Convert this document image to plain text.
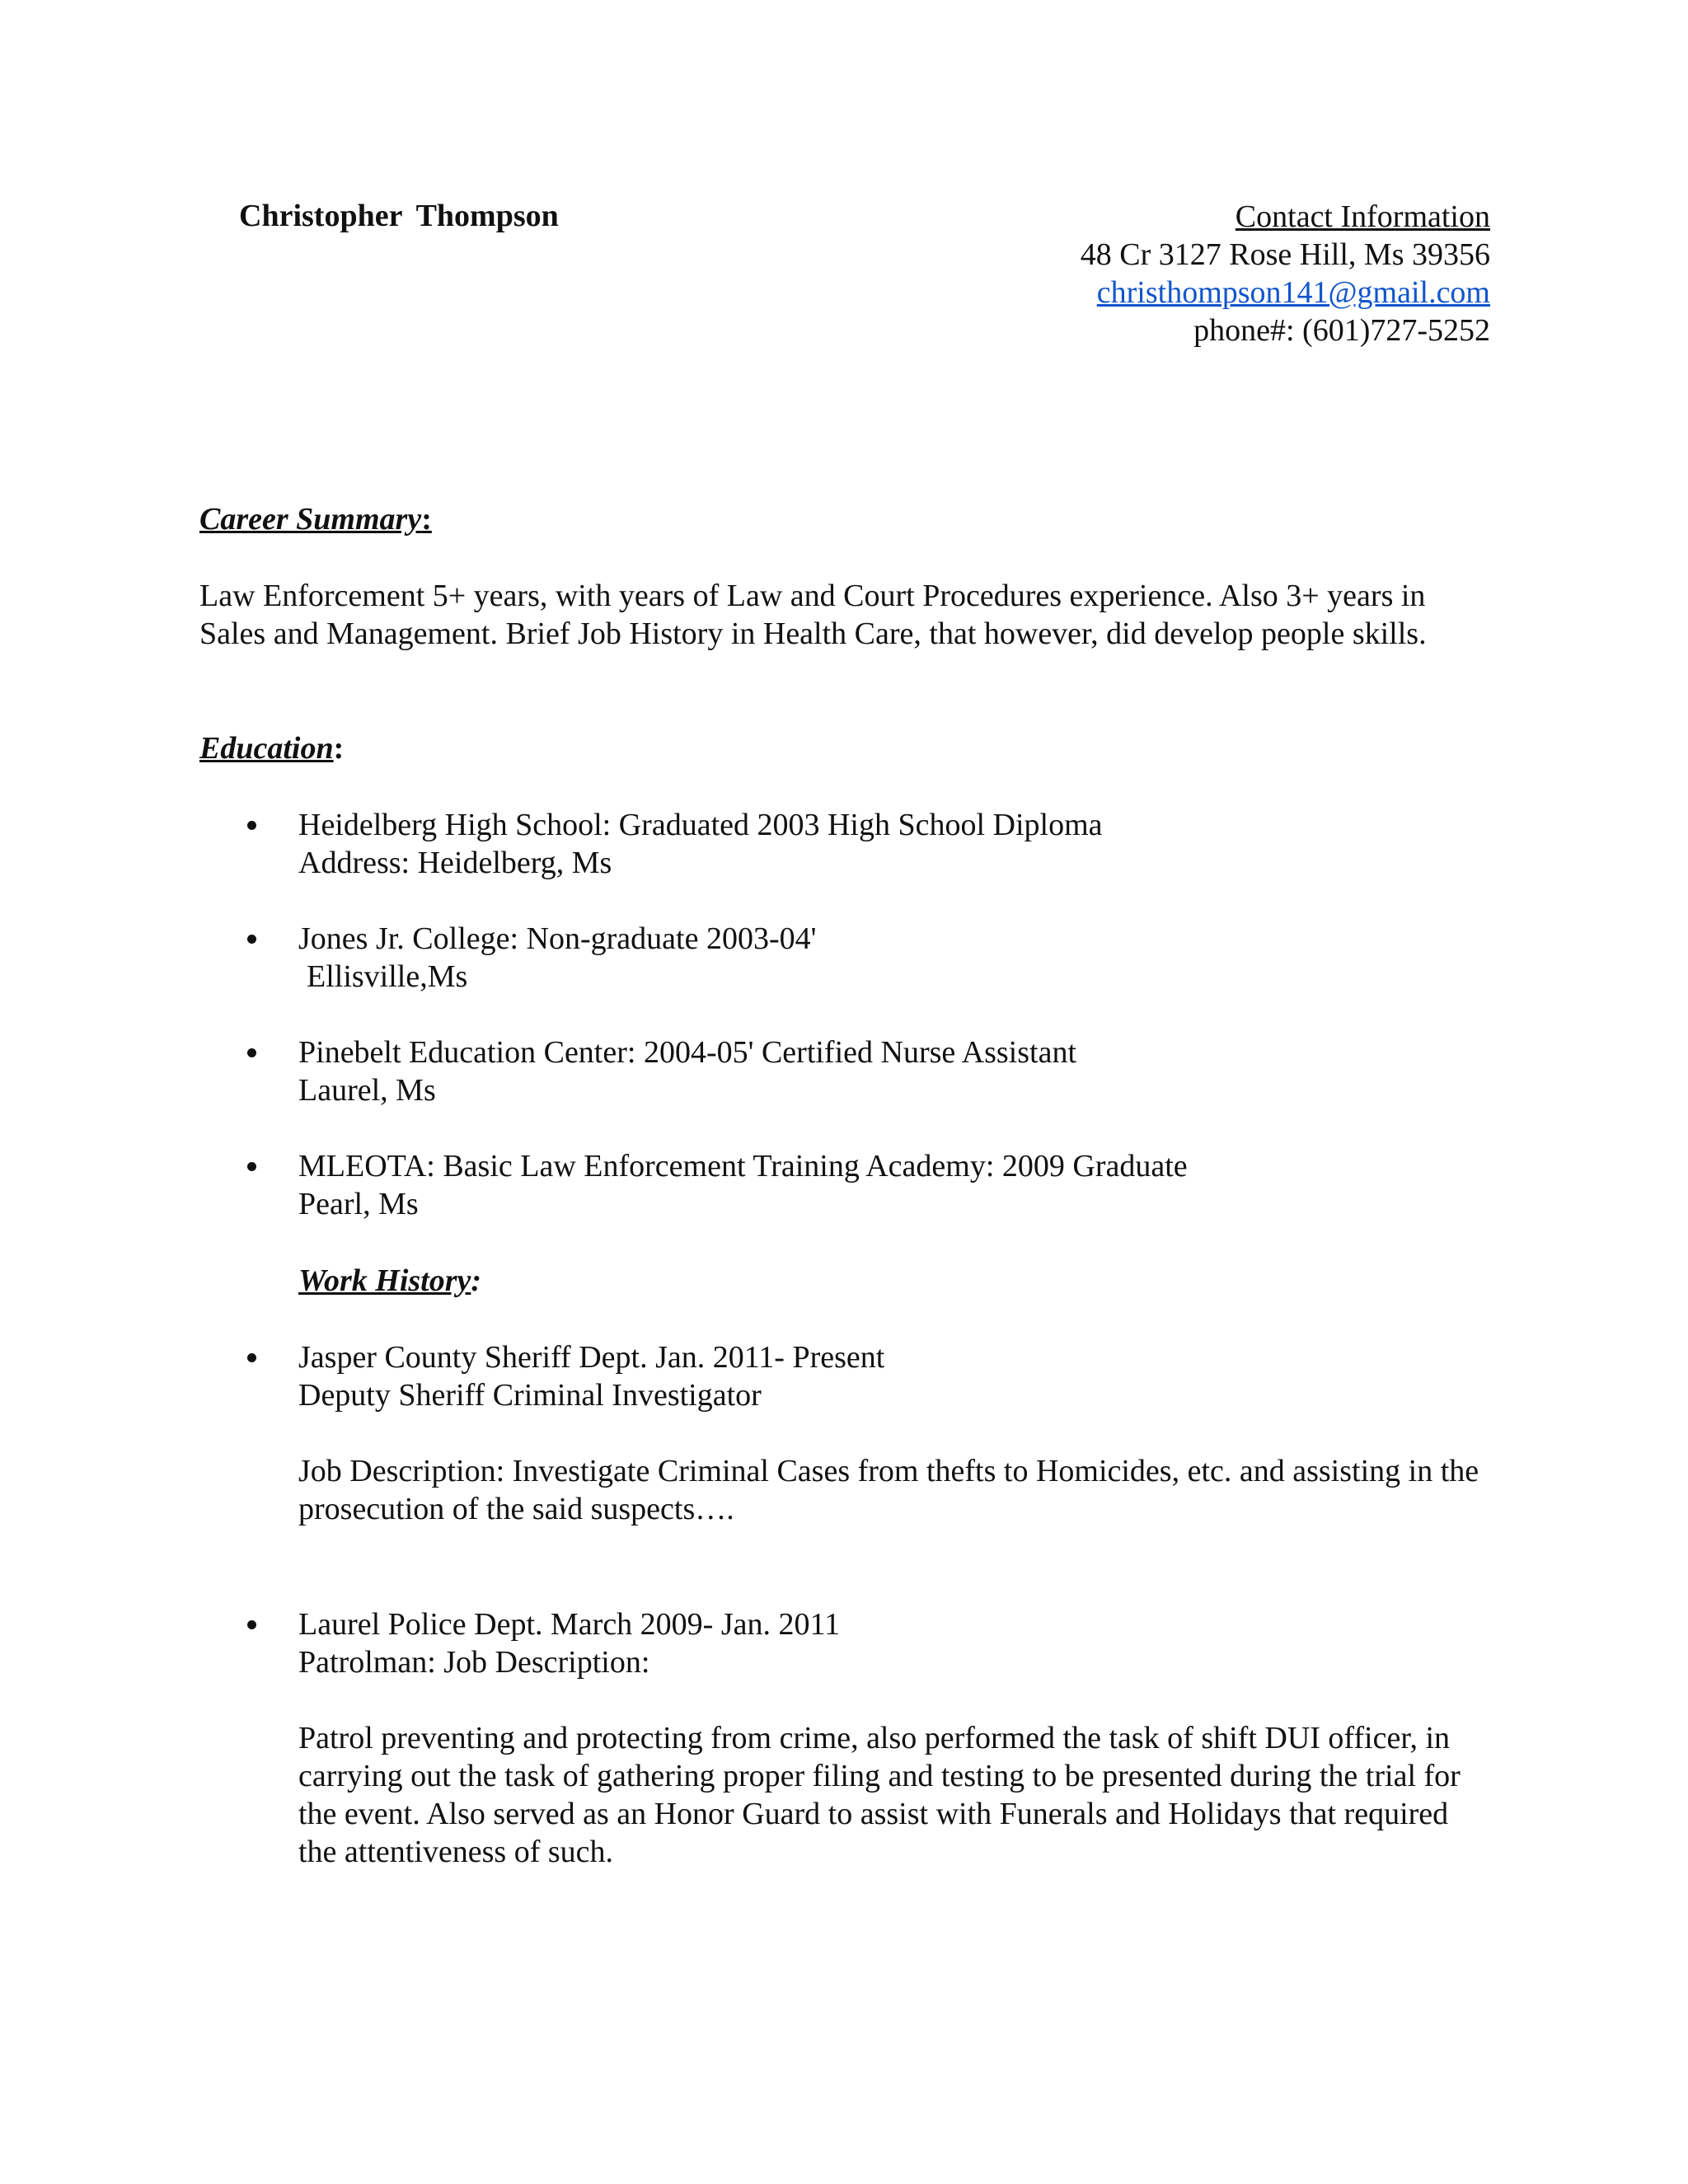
Christopher Thompson	Contact Information
48 Cr 3127 Rose Hill, Ms 39356
christhompson141@gmail.com
phone#: (601)727-5252
Career Summary:
Law Enforcement 5+ years, with years of Law and Court Procedures experience. Also 3+ years in Sales and Management. Brief Job History in Health Care, that however, did develop people skills.
Education:
Heidelberg High School: Graduated 2003 High School Diploma
Address: Heidelberg, Ms
Jones Jr. College: Non-graduate 2003-04'
Ellisville,Ms
Pinebelt Education Center: 2004-05' Certified Nurse Assistant
Laurel, Ms
MLEOTA: Basic Law Enforcement Training Academy: 2009 Graduate
Pearl, Ms
Work History:
Jasper County Sheriff Dept. Jan. 2011- Present
Deputy Sheriff Criminal Investigator
Job Description: Investigate Criminal Cases from thefts to Homicides, etc. and assisting in the prosecution of the said suspects….
Laurel Police Dept. March 2009- Jan. 2011
Patrolman: Job Description:
Patrol preventing and protecting from crime, also performed the task of shift DUI officer, in carrying out the task of gathering proper filing and testing to be presented during the trial for the event. Also served as an Honor Guard to assist with Funerals and Holidays that required the attentiveness of such.
